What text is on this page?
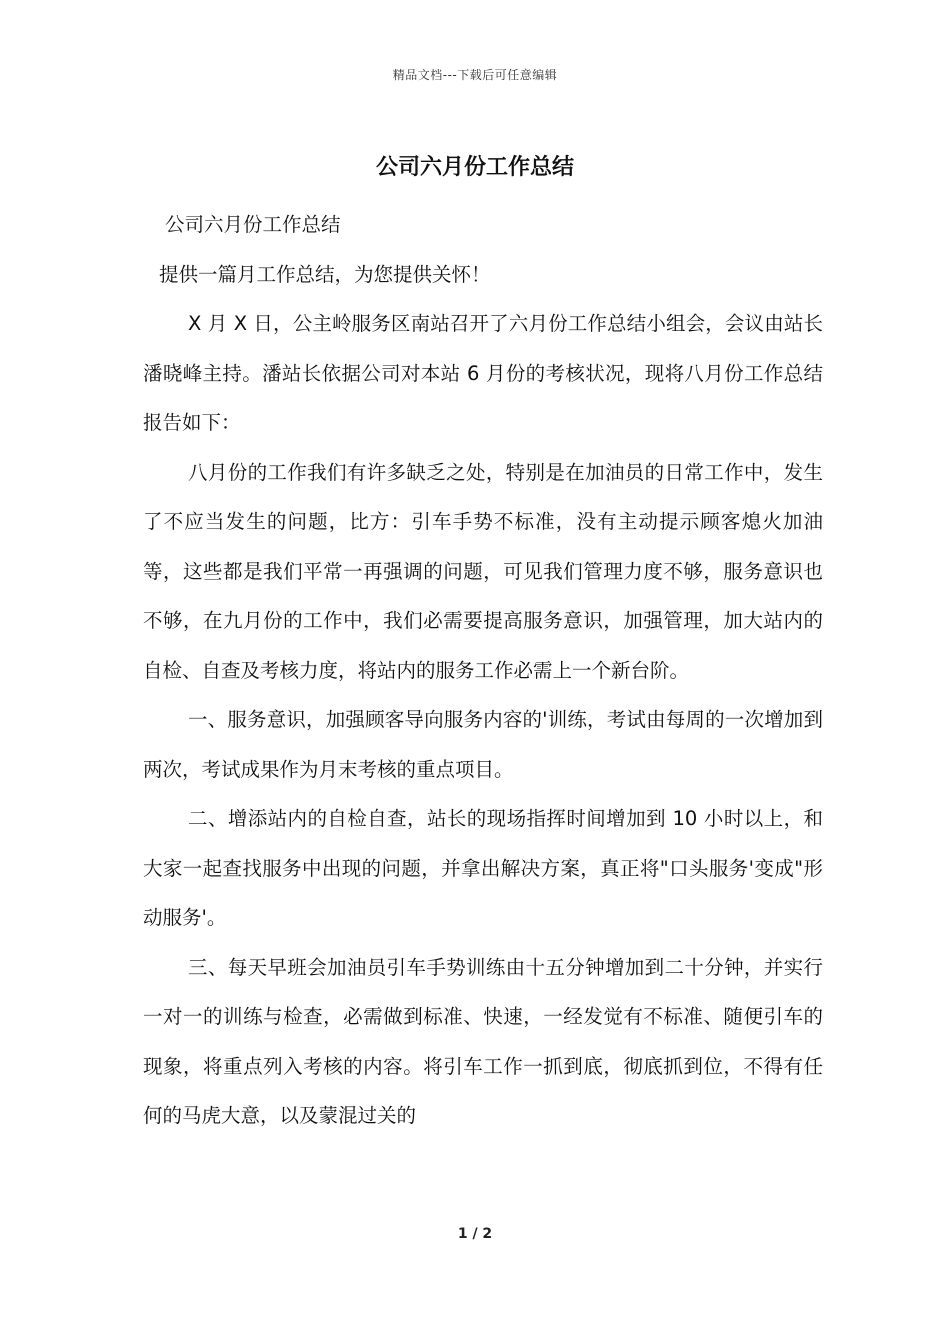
精品文档---下载后可任意编辑
公司六月份工作总结

公司六月份工作总结

提供一篇月工作总结，为您提供关怀！

X 月 X 日，公主岭服务区南站召开了六月份工作总结小组会，会议由站长潘晓峰主持。潘站长依据公司对本站 6 月份的考核状况，现将八月份工作总结报告如下：

八月份的工作我们有许多缺乏之处，特别是在加油员的日常工作中，发生了不应当发生的问题，比方：引车手势不标准，没有主动提示顾客熄火加油等，这些都是我们平常一再强调的问题，可见我们管理力度不够，服务意识也不够，在九月份的工作中，我们必需要提高服务意识，加强管理，加大站内的自检、自查及考核力度，将站内的服务工作必需上一个新台阶。

一、服务意识，加强顾客导向服务内容的'训练，考试由每周的一次增加到两次，考试成果作为月末考核的重点项目。

二、增添站内的自检自查，站长的现场指挥时间增加到 10 小时以上，和大家一起查找服务中出现的问题，并拿出解决方案，真正将"口头服务'变成"形动服务'。

三、每天早班会加油员引车手势训练由十五分钟增加到二十分钟，并实行一对一的训练与检查，必需做到标准、快速，一经发觉有不标准、随便引车的现象，将重点列入考核的内容。将引车工作一抓到底，彻底抓到位，不得有任何的马虎大意，以及蒙混过关的

1 / 2
